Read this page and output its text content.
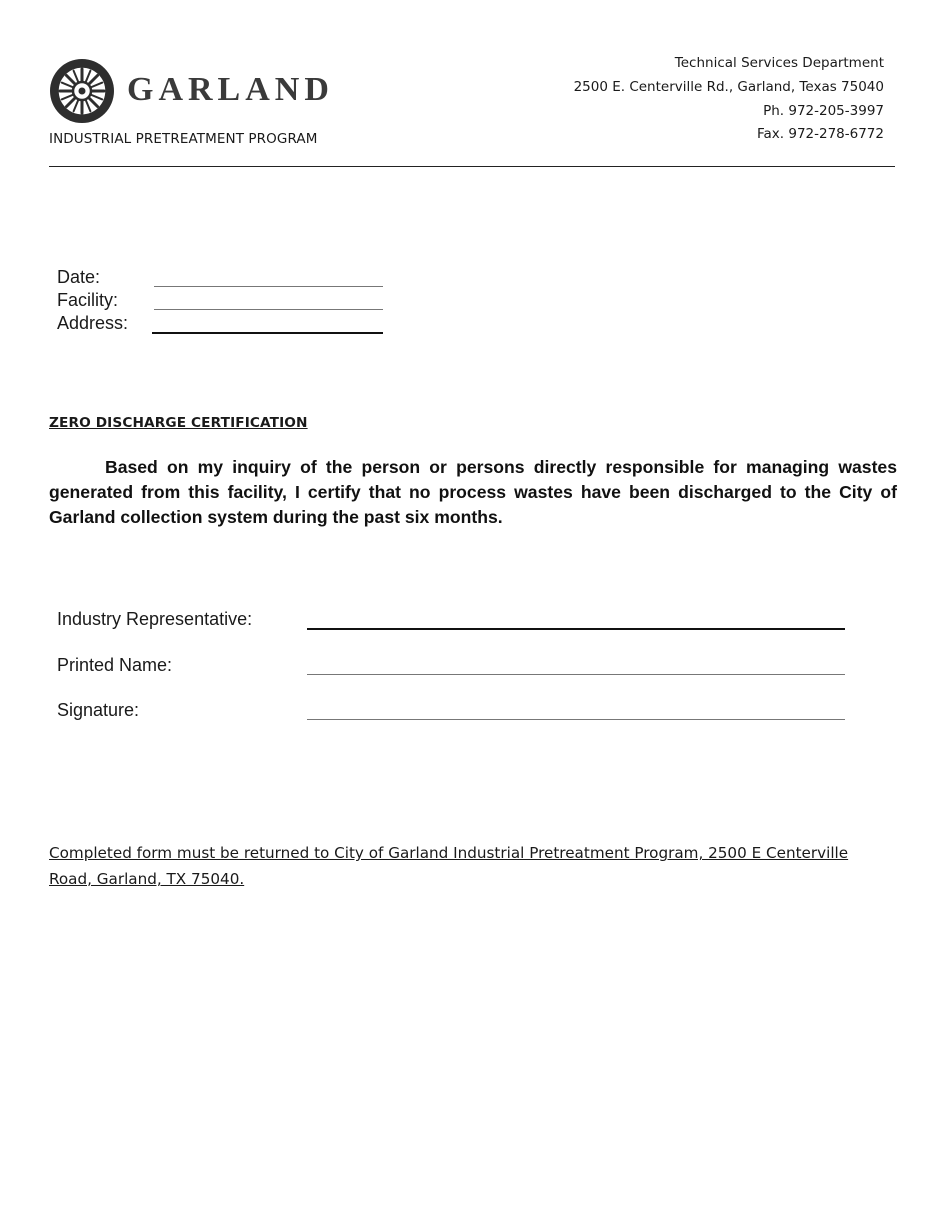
GARLAND
INDUSTRIAL PRETREATMENT PROGRAM
Technical Services Department
2500 E. Centerville Rd., Garland, Texas 75040
Ph. 972-205-3997
Fax. 972-278-6772
Date:
Facility:
Address:
ZERO DISCHARGE CERTIFICATION
Based on my inquiry of the person or persons directly responsible for managing wastes generated from this facility, I certify that no process wastes have been discharged to the City of Garland collection system during the past six months.
Industry Representative:
Printed Name:
Signature:
Completed form must be returned to City of Garland Industrial Pretreatment Program, 2500 E Centerville Road, Garland, TX 75040.
